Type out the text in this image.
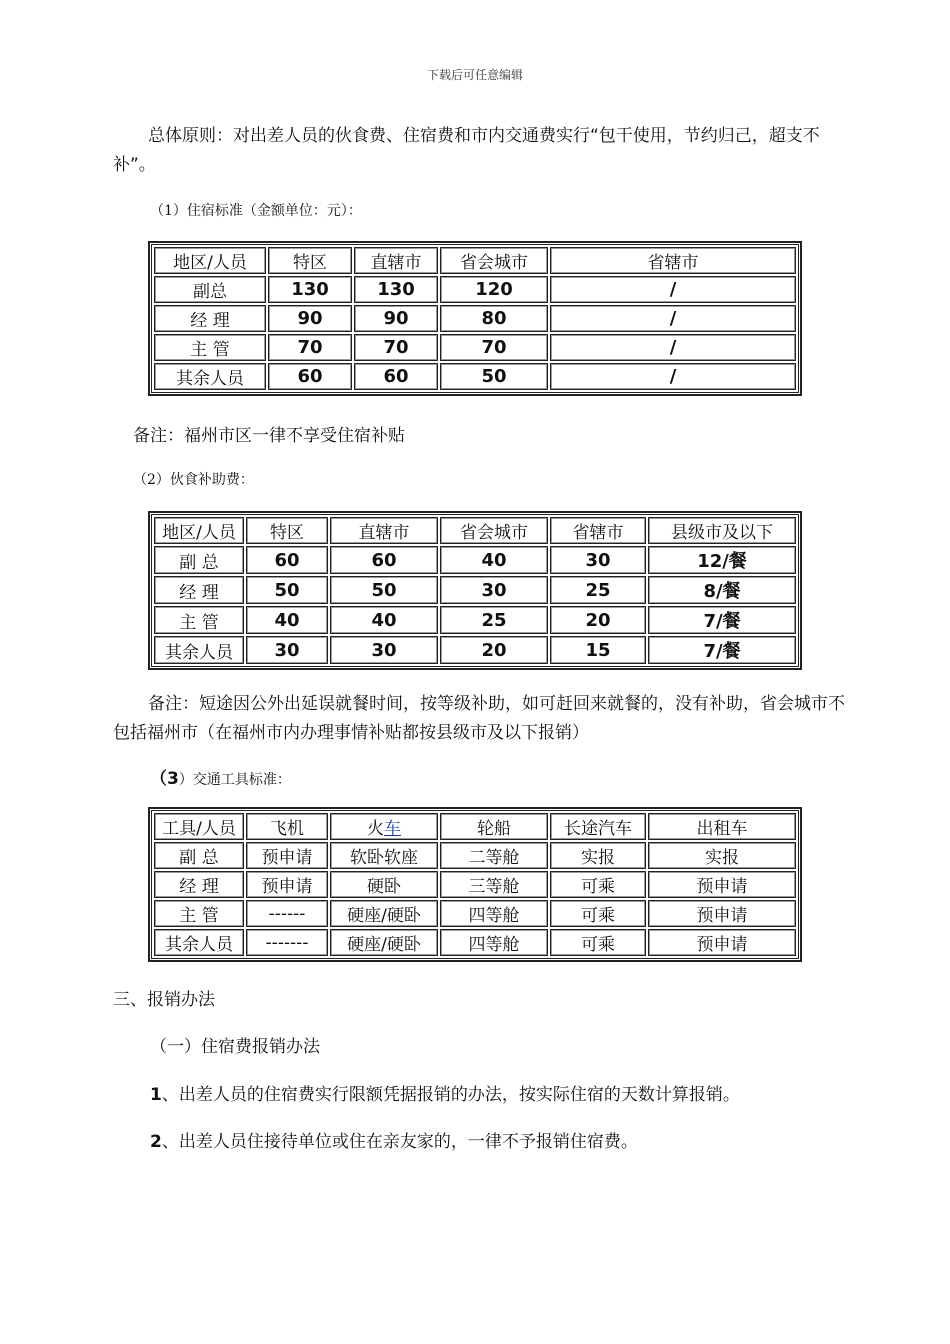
下载后可任意编辑

总体原则：对出差人员的伙食费、住宿费和市内交通费实行“包干使用，节约归己，超支不补”。

（1）住宿标准（金额单位：元）：

地区/人员	特区	直辖市	省会城市	省辖市
副总	130	130	120	/
经 理	90	90	80	/
主 管	70	70	70	/
其余人员	60	60	50	/

备注：福州市区一律不享受住宿补贴

（2）伙食补助费：

地区/人员	特区	直辖市	省会城市	省辖市	县级市及以下
副 总	60	60	40	30	12/餐
经 理	50	50	30	25	8/餐
主 管	40	40	25	20	7/餐
其余人员	30	30	20	15	7/餐

备注：短途因公外出延误就餐时间，按等级补助，如可赶回来就餐的，没有补助，省会城市不包括福州市（在福州市内办理事情补贴都按县级市及以下报销）

（3）交通工具标准：

工具/人员	飞机	火车	轮船	长途汽车	出租车
副 总	预申请	软卧软座	二等舱	实报	实报
经 理	预申请	硬卧	三等舱	可乘	预申请
主 管	------	硬座/硬卧	四等舱	可乘	预申请
其余人员	-------	硬座/硬卧	四等舱	可乘	预申请

三、报销办法

（一）住宿费报销办法

1、出差人员的住宿费实行限额凭据报销的办法，按实际住宿的天数计算报销。

2、出差人员住接待单位或住在亲友家的，一律不予报销住宿费。
